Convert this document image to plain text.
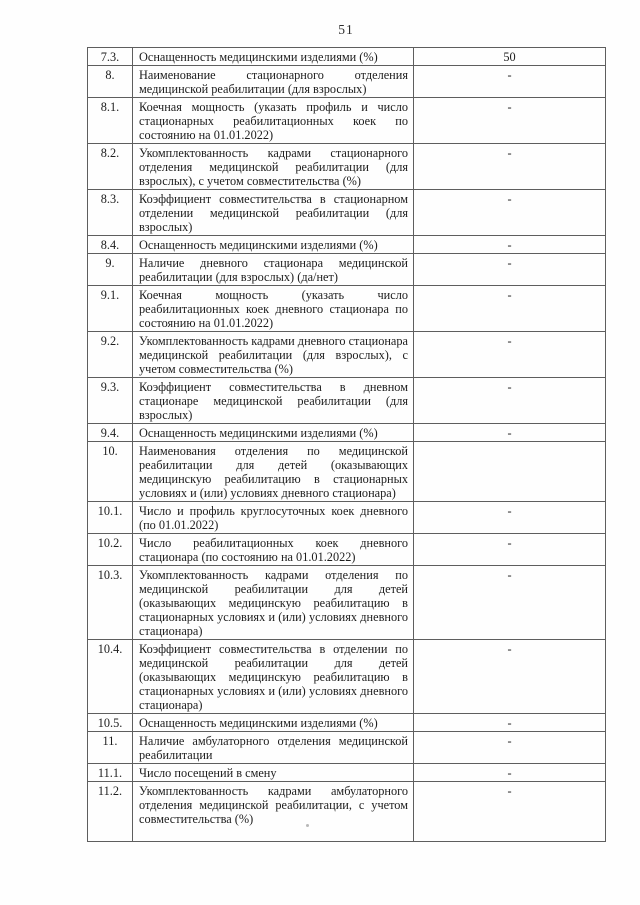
51
7.3.	Оснащенность медицинскими изделиями (%)	50
8.	Наименование стационарного отделения медицинской реабилитации (для взрослых)	-
8.1.	Коечная мощность (указать профиль и число стационарных реабилитационных коек по состоянию на 01.01.2022)	-
8.2.	Укомплектованность кадрами стационарного отделения медицинской реабилитации (для взрослых), с учетом совместительства (%)	-
8.3.	Коэффициент совместительства в стационарном отделении медицинской реабилитации (для взрослых)	-
8.4.	Оснащенность медицинскими изделиями (%)	-
9.	Наличие дневного стационара медицинской реабилитации (для взрослых) (да/нет)	-
9.1.	Коечная мощность (указать число реабилитационных коек дневного стационара по состоянию на 01.01.2022)	-
9.2.	Укомплектованность кадрами дневного стационара медицинской реабилитации (для взрослых), с учетом совместительства (%)	-
9.3.	Коэффициент совместительства в дневном стационаре медицинской реабилитации (для взрослых)	-
9.4.	Оснащенность медицинскими изделиями (%)	-
10.	Наименования отделения по медицинской реабилитации для детей (оказывающих медицинскую реабилитацию в стационарных условиях и (или) условиях дневного стационара)	
10.1.	Число и профиль круглосуточных коек дневного (по 01.01.2022)	-
10.2.	Число реабилитационных коек дневного стационара (по состоянию на 01.01.2022)	-
10.3.	Укомплектованность кадрами отделения по медицинской реабилитации для детей (оказывающих медицинскую реабилитацию в стационарных условиях и (или) условиях дневного стационара)	-
10.4.	Коэффициент совместительства в отделении по медицинской реабилитации для детей (оказывающих медицинскую реабилитацию в стационарных условиях и (или) условиях дневного стационара)	-
10.5.	Оснащенность медицинскими изделиями (%)	-
11.	Наличие амбулаторного отделения медицинской реабилитации	-
11.1.	Число посещений в смену	-
11.2.	Укомплектованность кадрами амбулаторного отделения медицинской реабилитации, с учетом совместительства (%)	-
